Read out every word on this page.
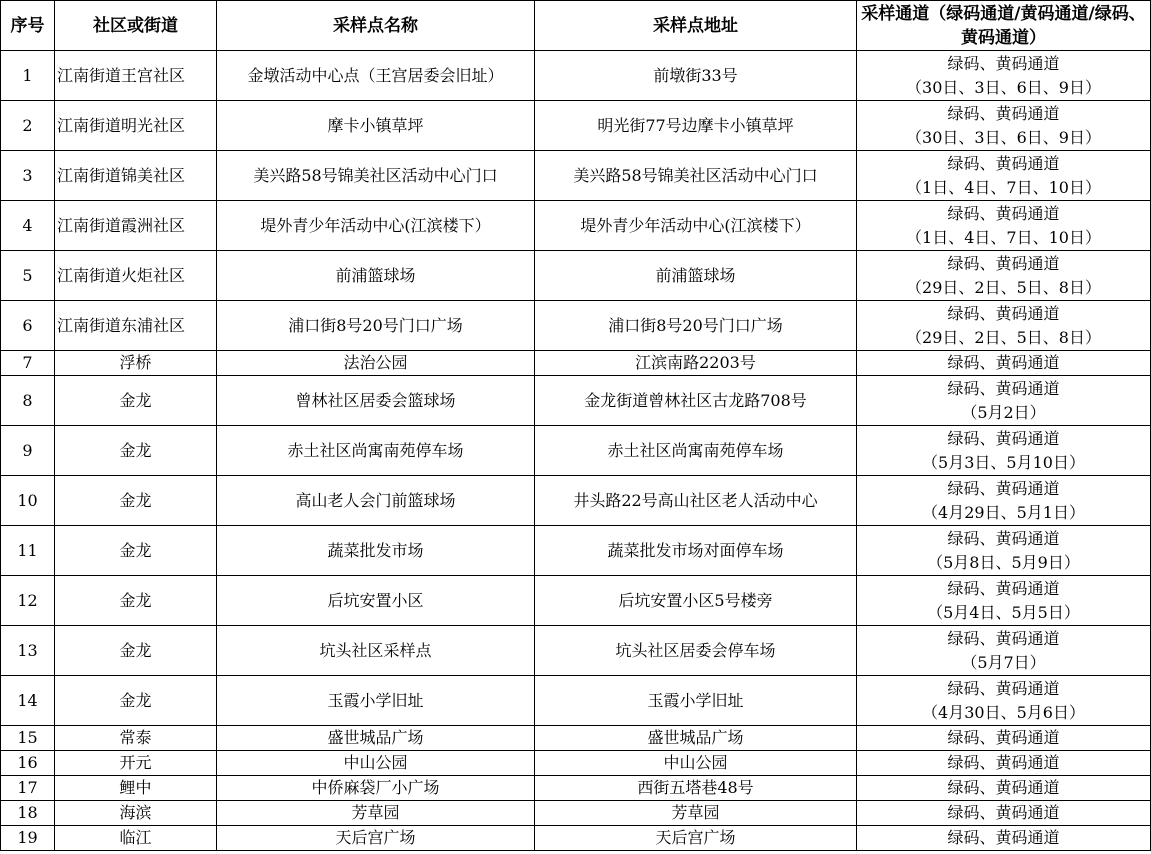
序号	社区或街道	采样点名称	采样点地址	采样通道（绿码通道/黄码通道/绿码、黄码通道）
1	江南街道王宫社区	金墩活动中心点（王宫居委会旧址）	前墩街33号	绿码、黄码通道
（30日、3日、6日、9日）

2	江南街道明光社区	摩卡小镇草坪	明光街77号边摩卡小镇草坪	绿码、黄码通道
（30日、3日、6日、9日）

3	江南街道锦美社区	美兴路58号锦美社区活动中心门口	美兴路58号锦美社区活动中心门口	绿码、黄码通道
（1日、4日、7日、10日）

4	江南街道霞洲社区	堤外青少年活动中心(江滨楼下）	堤外青少年活动中心(江滨楼下）	绿码、黄码通道
（1日、4日、7日、10日）

5	江南街道火炬社区	前浦篮球场	前浦篮球场	绿码、黄码通道
（29日、2日、5日、8日）

6	江南街道东浦社区	浦口街8号20号门口广场	浦口街8号20号门口广场	绿码、黄码通道
（29日、2日、5日、8日）

7	浮桥	法治公园	江滨南路2203号	绿码、黄码通道

8	金龙	曾林社区居委会篮球场	金龙街道曾林社区古龙路708号	绿码、黄码通道
（5月2日）

9	金龙	赤土社区尚寓南苑停车场	赤土社区尚寓南苑停车场	绿码、黄码通道
（5月3日、5月10日）

10	金龙	高山老人会门前篮球场	井头路22号高山社区老人活动中心	绿码、黄码通道
（4月29日、5月1日）

11	金龙	蔬菜批发市场	蔬菜批发市场对面停车场	绿码、黄码通道
（5月8日、5月9日）

12	金龙	后坑安置小区	后坑安置小区5号楼旁	绿码、黄码通道
（5月4日、5月5日）

13	金龙	坑头社区采样点	坑头社区居委会停车场	绿码、黄码通道
（5月7日）

14	金龙	玉霞小学旧址	玉霞小学旧址	绿码、黄码通道
（4月30日、5月6日）

15	常泰	盛世城品广场	盛世城品广场	绿码、黄码通道

16	开元	中山公园	中山公园	绿码、黄码通道

17	鲤中	中侨麻袋厂小广场	西街五塔巷48号	绿码、黄码通道

18	海滨	芳草园	芳草园	绿码、黄码通道

19	临江	天后宫广场	天后宫广场	绿码、黄码通道
